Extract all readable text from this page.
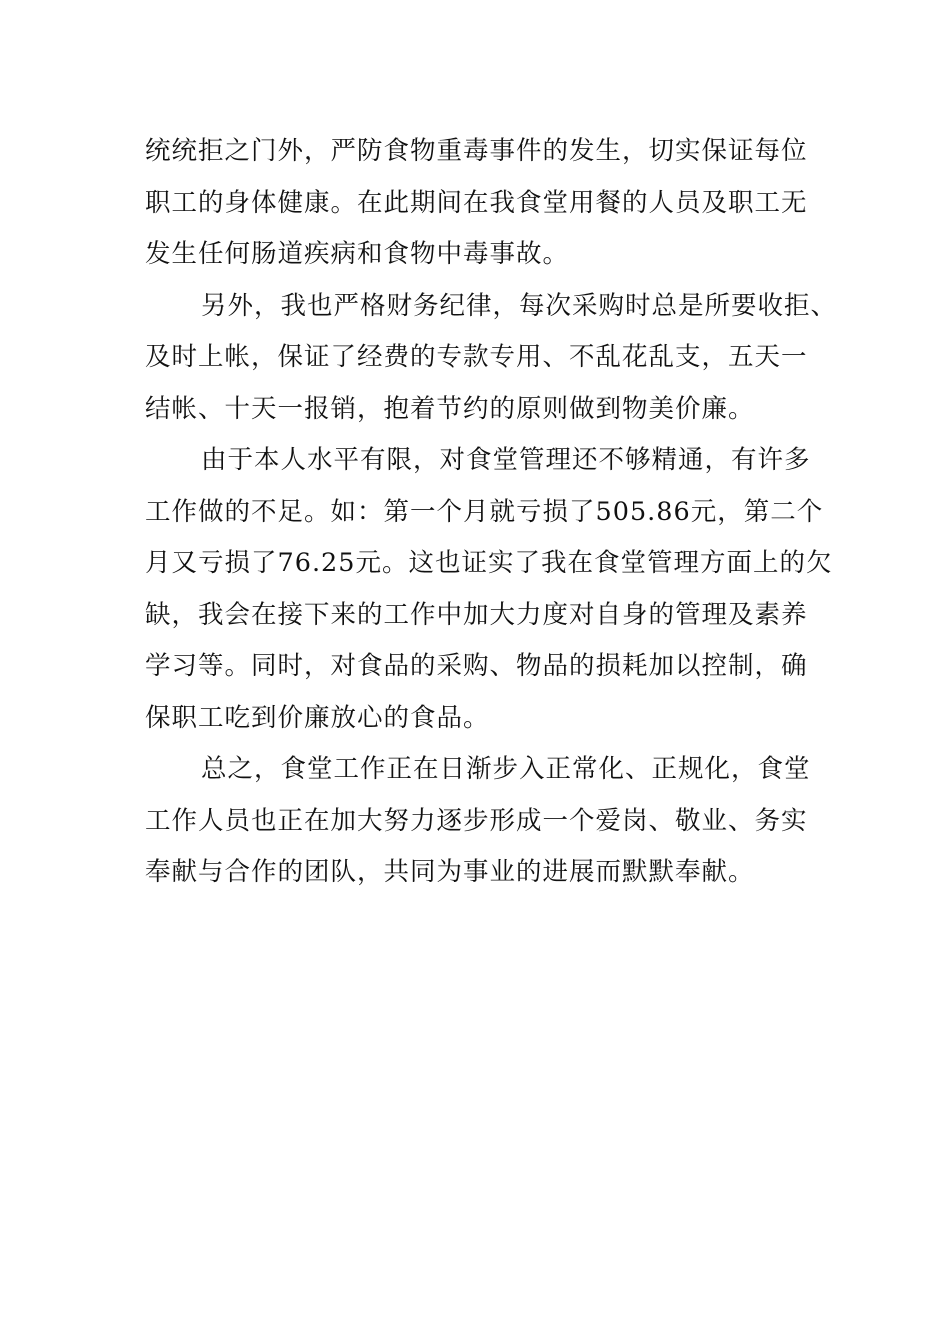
统统拒之门外，严防食物重毒事件的发生，切实保证每位
职工的身体健康。在此期间在我食堂用餐的人员及职工无
发生任何肠道疾病和食物中毒事故。
另外，我也严格财务纪律，每次采购时总是所要收拒、
及时上帐，保证了经费的专款专用、不乱花乱支，五天一
结帐、十天一报销，抱着节约的原则做到物美价廉。
由于本人水平有限，对食堂管理还不够精通，有许多
工作做的不足。如：第一个月就亏损了505.86元，第二个
月又亏损了76.25元。这也证实了我在食堂管理方面上的欠
缺，我会在接下来的工作中加大力度对自身的管理及素养
学习等。同时，对食品的采购、物品的损耗加以控制，确
保职工吃到价廉放心的食品。
总之，食堂工作正在日渐步入正常化、正规化，食堂
工作人员也正在加大努力逐步形成一个爱岗、敬业、务实
奉献与合作的团队，共同为事业的进展而默默奉献。
